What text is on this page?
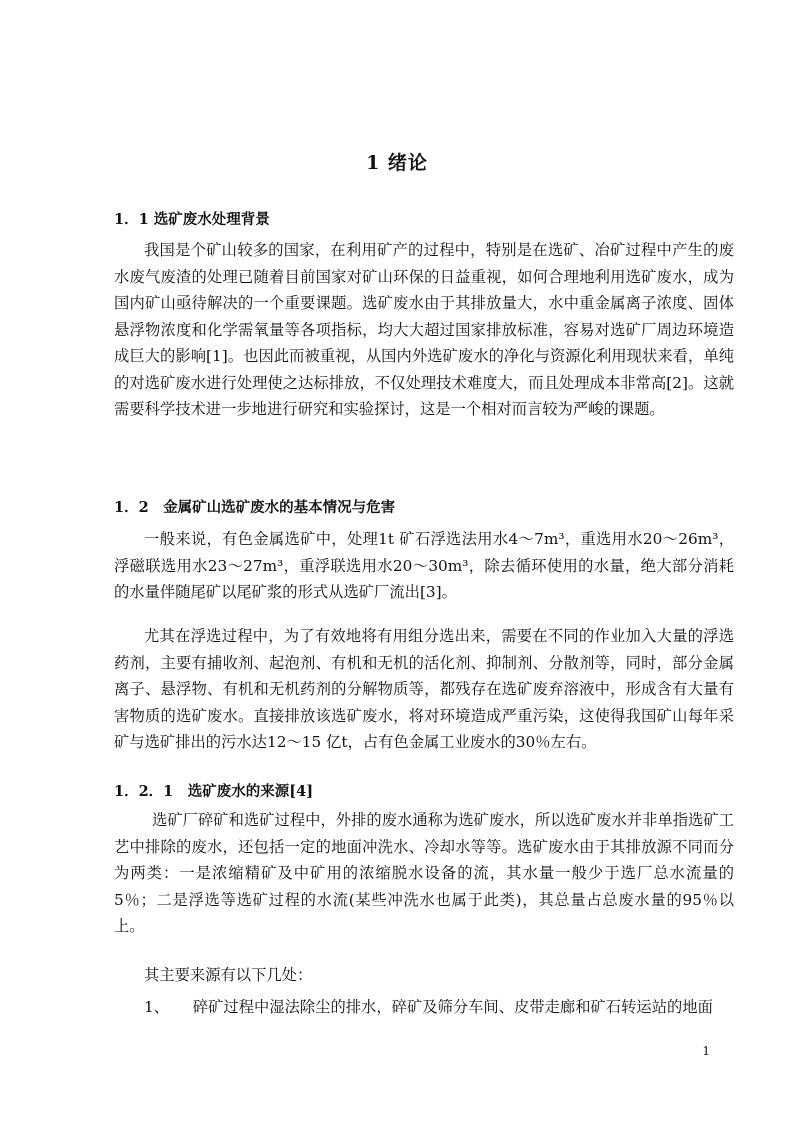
1 绪论
1．1 选矿废水处理背景
我国是个矿山较多的国家，在利用矿产的过程中，特别是在选矿、冶矿过程中产生的废水废气废渣的处理已随着目前国家对矿山环保的日益重视，如何合理地利用选矿废水，成为国内矿山亟待解决的一个重要课题。选矿废水由于其排放量大，水中重金属离子浓度、固体悬浮物浓度和化学需氧量等各项指标，均大大超过国家排放标准，容易对选矿厂周边环境造成巨大的影响[1]。也因此而被重视，从国内外选矿废水的净化与资源化利用现状来看，单纯的对选矿废水进行处理使之达标排放，不仅处理技术难度大，而且处理成本非常高[2]。这就需要科学技术进一步地进行研究和实验探讨，这是一个相对而言较为严峻的课题。
1．2　金属矿山选矿废水的基本情况与危害
一般来说，有色金属选矿中，处理1t 矿石浮选法用水4～7m³，重选用水20～26m³，浮磁联选用水23～27m³，重浮联选用水20～30m³，除去循环使用的水量，绝大部分消耗的水量伴随尾矿以尾矿浆的形式从选矿厂流出[3]。
尤其在浮选过程中，为了有效地将有用组分选出来，需要在不同的作业加入大量的浮选药剂，主要有捕收剂、起泡剂、有机和无机的活化剂、抑制剂、分散剂等，同时，部分金属离子、悬浮物、有机和无机药剂的分解物质等，都残存在选矿废弃溶液中，形成含有大量有害物质的选矿废水。直接排放该选矿废水，将对环境造成严重污染，这使得我国矿山每年采矿与选矿排出的污水达12～15 亿t，占有色金属工业废水的30％左右。
1．2．1　选矿废水的来源[4]
选矿厂碎矿和选矿过程中，外排的废水通称为选矿废水，所以选矿废水并非单指选矿工艺中排除的废水，还包括一定的地面冲洗水、冷却水等等。选矿废水由于其排放源不同而分为两类：一是浓缩精矿及中矿用的浓缩脱水设备的流，其水量一般少于选厂总水流量的5％；二是浮选等选矿过程的水流(某些冲洗水也属于此类)，其总量占总废水量的95％以上。
其主要来源有以下几处：
1、 碎矿过程中湿法除尘的排水，碎矿及筛分车间、皮带走廊和矿石转运站的地面
1
